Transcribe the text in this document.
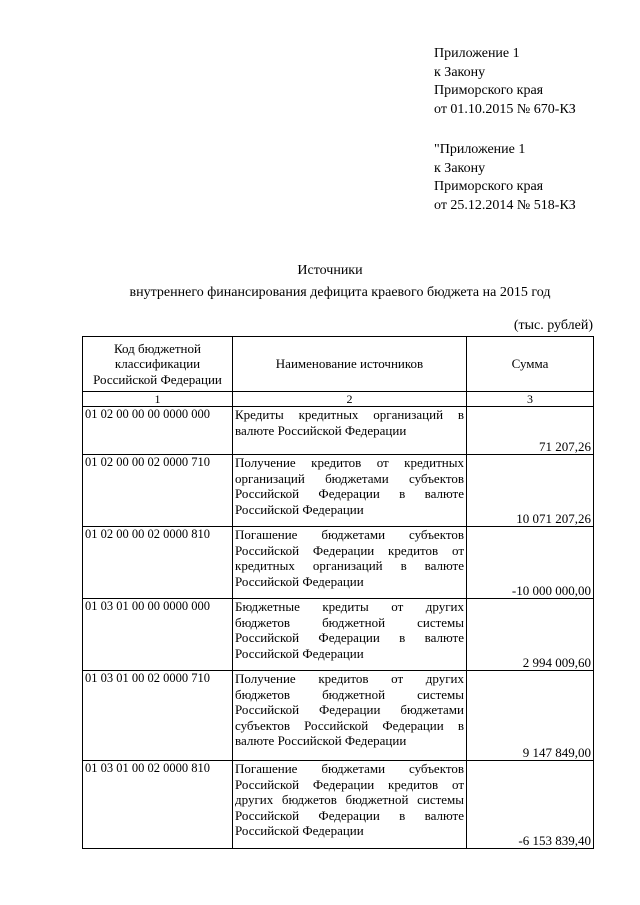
Приложение 1
к Закону
Приморского края
от 01.10.2015 № 670-КЗ
"Приложение 1
к Закону
Приморского края
от 25.12.2014 № 518-КЗ
Источники
внутреннего финансирования дефицита краевого бюджета на 2015 год
(тыс. рублей)
Код бюджетной классификации Российской Федерации	Наименование источников	Сумма
1	2	3
01 02 00 00 00 0000 000	Кредиты кредитных организаций в валюте Российской Федерации	71 207,26
01 02 00 00 02 0000 710	Получение кредитов от кредитных организаций бюджетами субъектов Российской Федерации в валюте Российской Федерации	10 071 207,26
01 02 00 00 02 0000 810	Погашение бюджетами субъектов Российской Федерации кредитов от кредитных организаций в валюте Российской Федерации	-10 000 000,00
01 03 01 00 00 0000 000	Бюджетные кредиты от других бюджетов бюджетной системы Российской Федерации в валюте Российской Федерации	2 994 009,60
01 03 01 00 02 0000 710	Получение кредитов от других бюджетов бюджетной системы Российской Федерации бюджетами субъектов Российской Федерации в валюте Российской Федерации	9 147 849,00
01 03 01 00 02 0000 810	Погашение бюджетами субъектов Российской Федерации кредитов от других бюджетов бюджетной системы Российской Федерации в валюте Российской Федерации	-6 153 839,40
